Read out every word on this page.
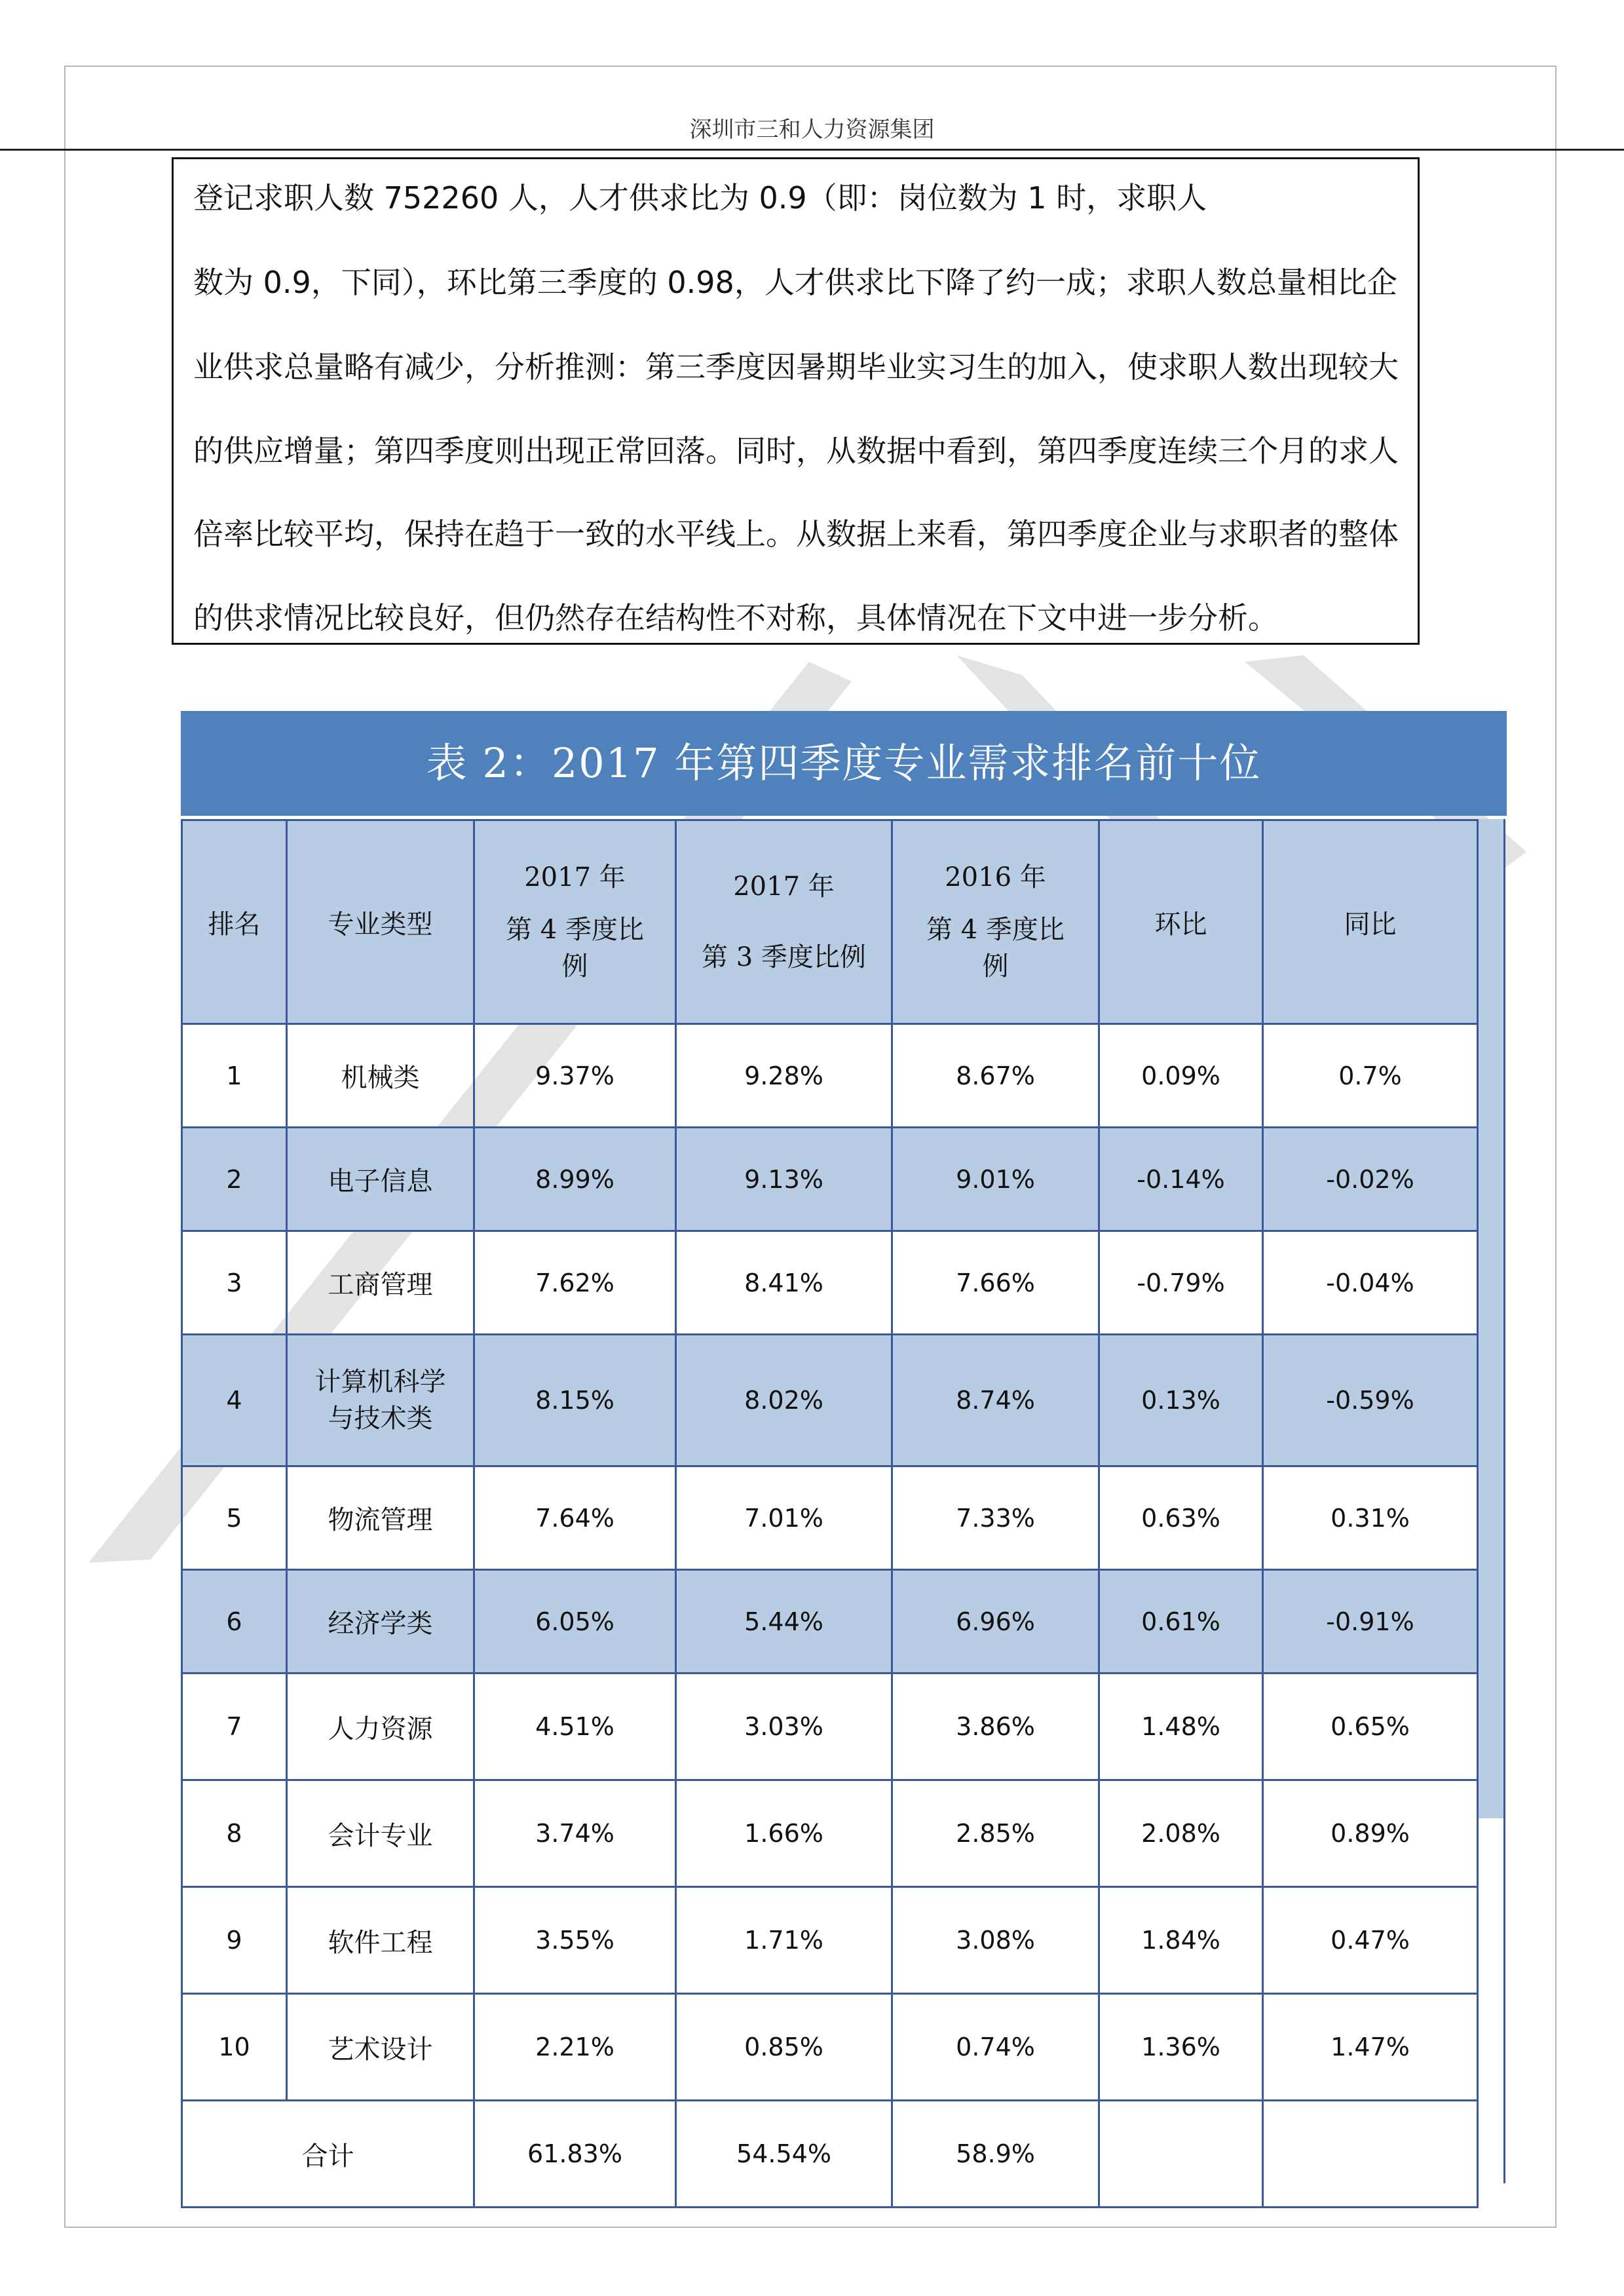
深圳市三和人力资源集团
登记求职人数 752260 人，人才供求比为 0.9（即：岗位数为 1 时，求职人
数为 0.9，下同），环比第三季度的 0.98，人才供求比下降了约一成；求职人数总量相比企
业供求总量略有减少，分析推测：第三季度因暑期毕业实习生的加入，使求职人数出现较大
的供应增量；第四季度则出现正常回落。同时，从数据中看到，第四季度连续三个月的求人
倍率比较平均，保持在趋于一致的水平线上。从数据上来看，第四季度企业与求职者的整体
的供求情况比较良好，但仍然存在结构性不对称，具体情况在下文中进一步分析。
表 2：2017 年第四季度专业需求排名前十位
排名	专业类型	2017 年
第 4 季度比
例	2017 年
第 3 季度比例	2016 年
第 4 季度比
例	环比	同比
1	机械类	9.37%	9.28%	8.67%	0.09%	0.7%
2	电子信息	8.99%	9.13%	9.01%	-0.14%	-0.02%
3	工商管理	7.62%	8.41%	7.66%	-0.79%	-0.04%
4	计算机科学
与技术类	8.15%	8.02%	8.74%	0.13%	-0.59%
5	物流管理	7.64%	7.01%	7.33%	0.63%	0.31%
6	经济学类	6.05%	5.44%	6.96%	0.61%	-0.91%
7	人力资源	4.51%	3.03%	3.86%	1.48%	0.65%
8	会计专业	3.74%	1.66%	2.85%	2.08%	0.89%
9	软件工程	3.55%	1.71%	3.08%	1.84%	0.47%
10	艺术设计	2.21%	0.85%	0.74%	1.36%	1.47%
合计		61.83%	54.54%	58.9%		
